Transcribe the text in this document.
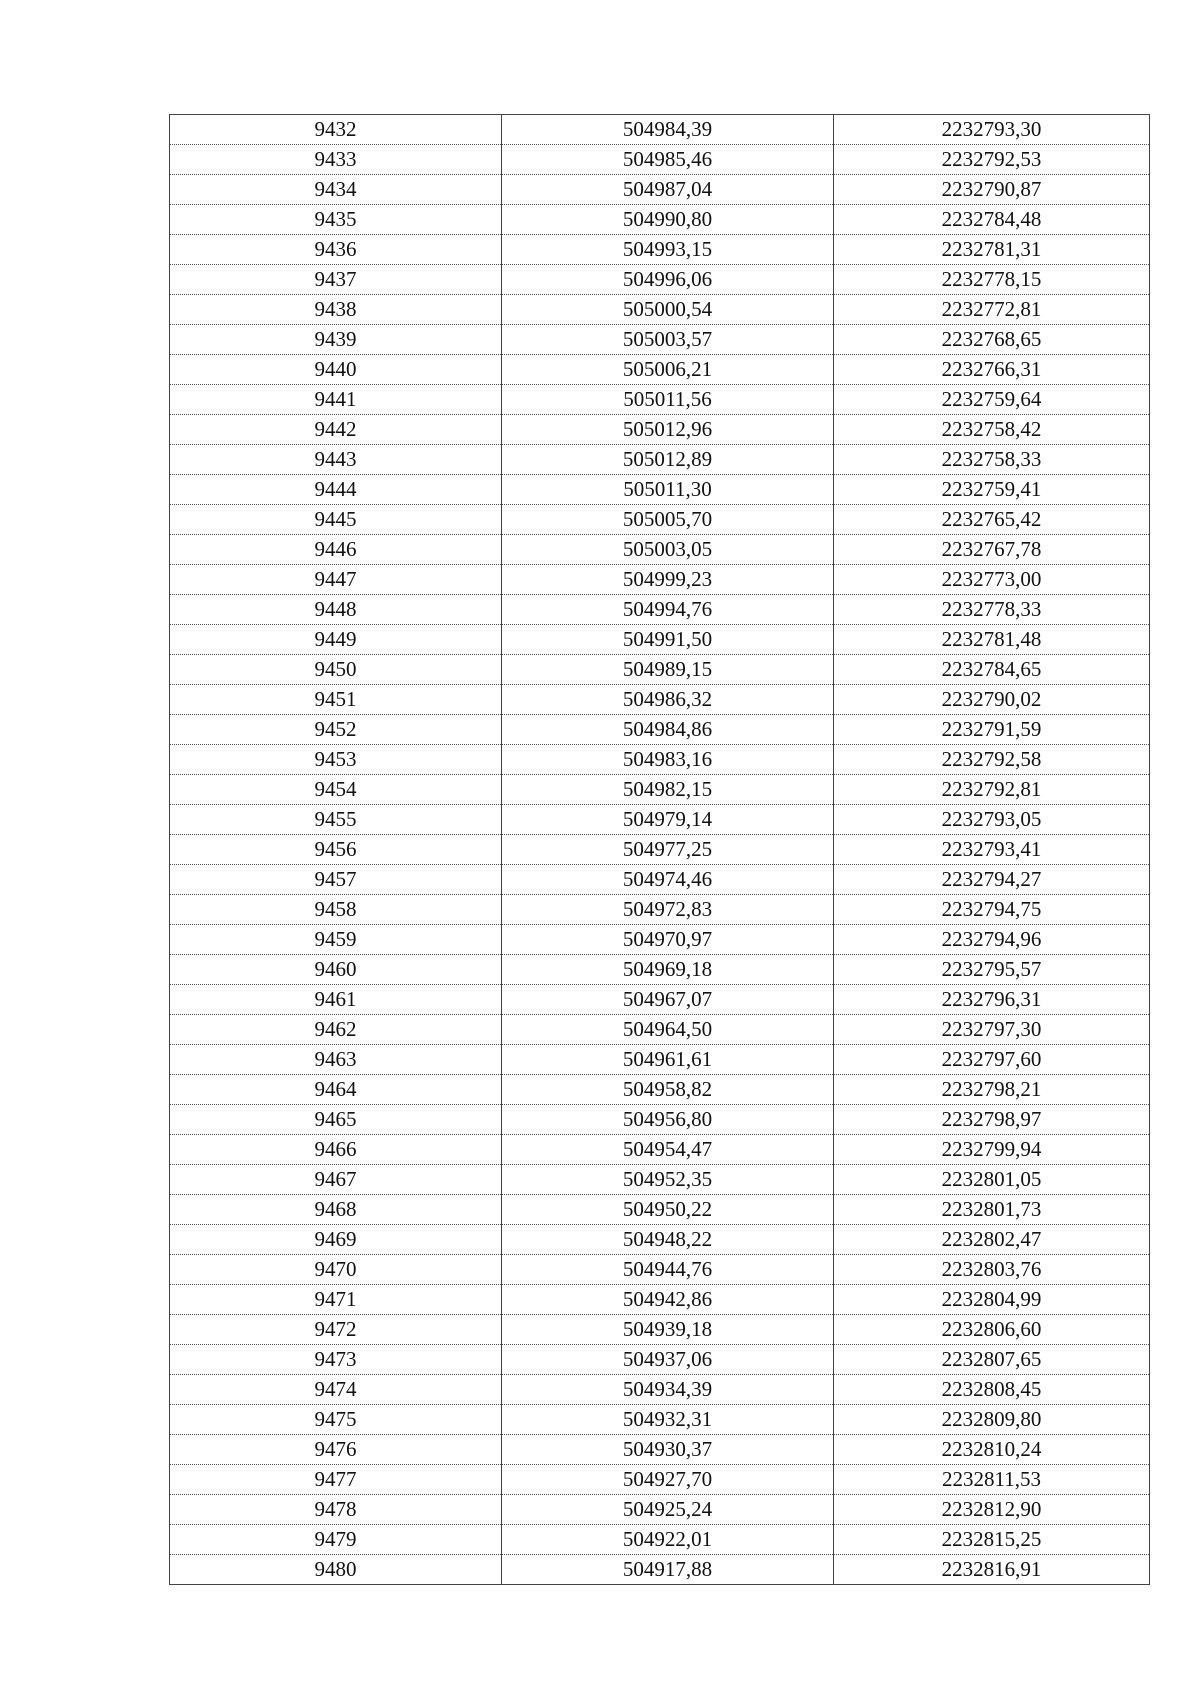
9432	504984,39	2232793,30
9433	504985,46	2232792,53
9434	504987,04	2232790,87
9435	504990,80	2232784,48
9436	504993,15	2232781,31
9437	504996,06	2232778,15
9438	505000,54	2232772,81
9439	505003,57	2232768,65
9440	505006,21	2232766,31
9441	505011,56	2232759,64
9442	505012,96	2232758,42
9443	505012,89	2232758,33
9444	505011,30	2232759,41
9445	505005,70	2232765,42
9446	505003,05	2232767,78
9447	504999,23	2232773,00
9448	504994,76	2232778,33
9449	504991,50	2232781,48
9450	504989,15	2232784,65
9451	504986,32	2232790,02
9452	504984,86	2232791,59
9453	504983,16	2232792,58
9454	504982,15	2232792,81
9455	504979,14	2232793,05
9456	504977,25	2232793,41
9457	504974,46	2232794,27
9458	504972,83	2232794,75
9459	504970,97	2232794,96
9460	504969,18	2232795,57
9461	504967,07	2232796,31
9462	504964,50	2232797,30
9463	504961,61	2232797,60
9464	504958,82	2232798,21
9465	504956,80	2232798,97
9466	504954,47	2232799,94
9467	504952,35	2232801,05
9468	504950,22	2232801,73
9469	504948,22	2232802,47
9470	504944,76	2232803,76
9471	504942,86	2232804,99
9472	504939,18	2232806,60
9473	504937,06	2232807,65
9474	504934,39	2232808,45
9475	504932,31	2232809,80
9476	504930,37	2232810,24
9477	504927,70	2232811,53
9478	504925,24	2232812,90
9479	504922,01	2232815,25
9480	504917,88	2232816,91
